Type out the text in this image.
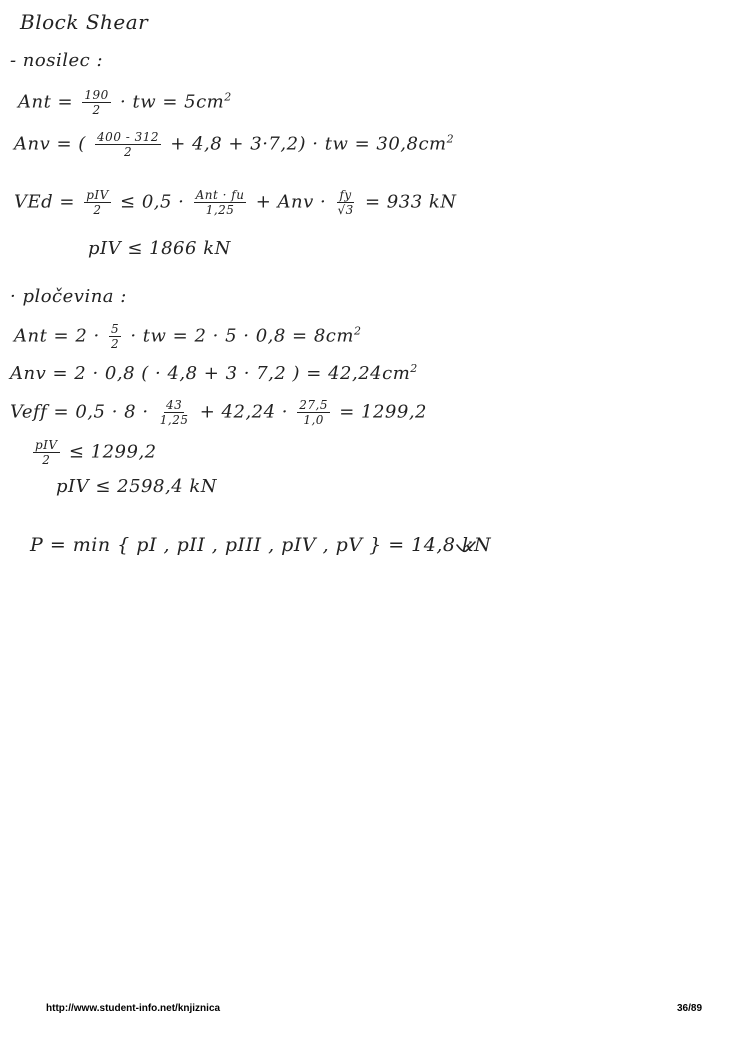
Block Shear
- nosilec :
Ant = $\frac{190}{2}$ · tw = $5cm^2$
Anv = ( $\frac{400 - 312}{2} + 4,8 + 3\cdot 7,2$) · tw = $30,8cm^2$
VEd = $\frac{\text{pIV}}{2} \le 0,5 \cdot \frac{\text{Ant · fu}}{1,25}$ + Anv · $\frac{fy}{√3} = 933$ kN
pIV ≤ 1866 kN
· pločevina :
Ant = $2 \cdot \frac{5}{2}$ · tw = $2 \cdot 5 \cdot 0,8 = 8cm^2$
Anv = 2 · 0,8 ( · 4,8 + 3 · 7,2 ) = $42,24cm^2$
Veff = $0,5 \cdot 8 \cdot \frac{43}{1,25} + 42,24 \cdot \frac{27,5}{1,0} = 1299,2$
$\frac{\text{pIV}}{2} \le 1299,2$
pIV ≤ 2598,4 kN
P = min { pI , pII , pIII , pIV , pV } = 14,8 kN
http://www.student-info.net/knjiznica	36/89
